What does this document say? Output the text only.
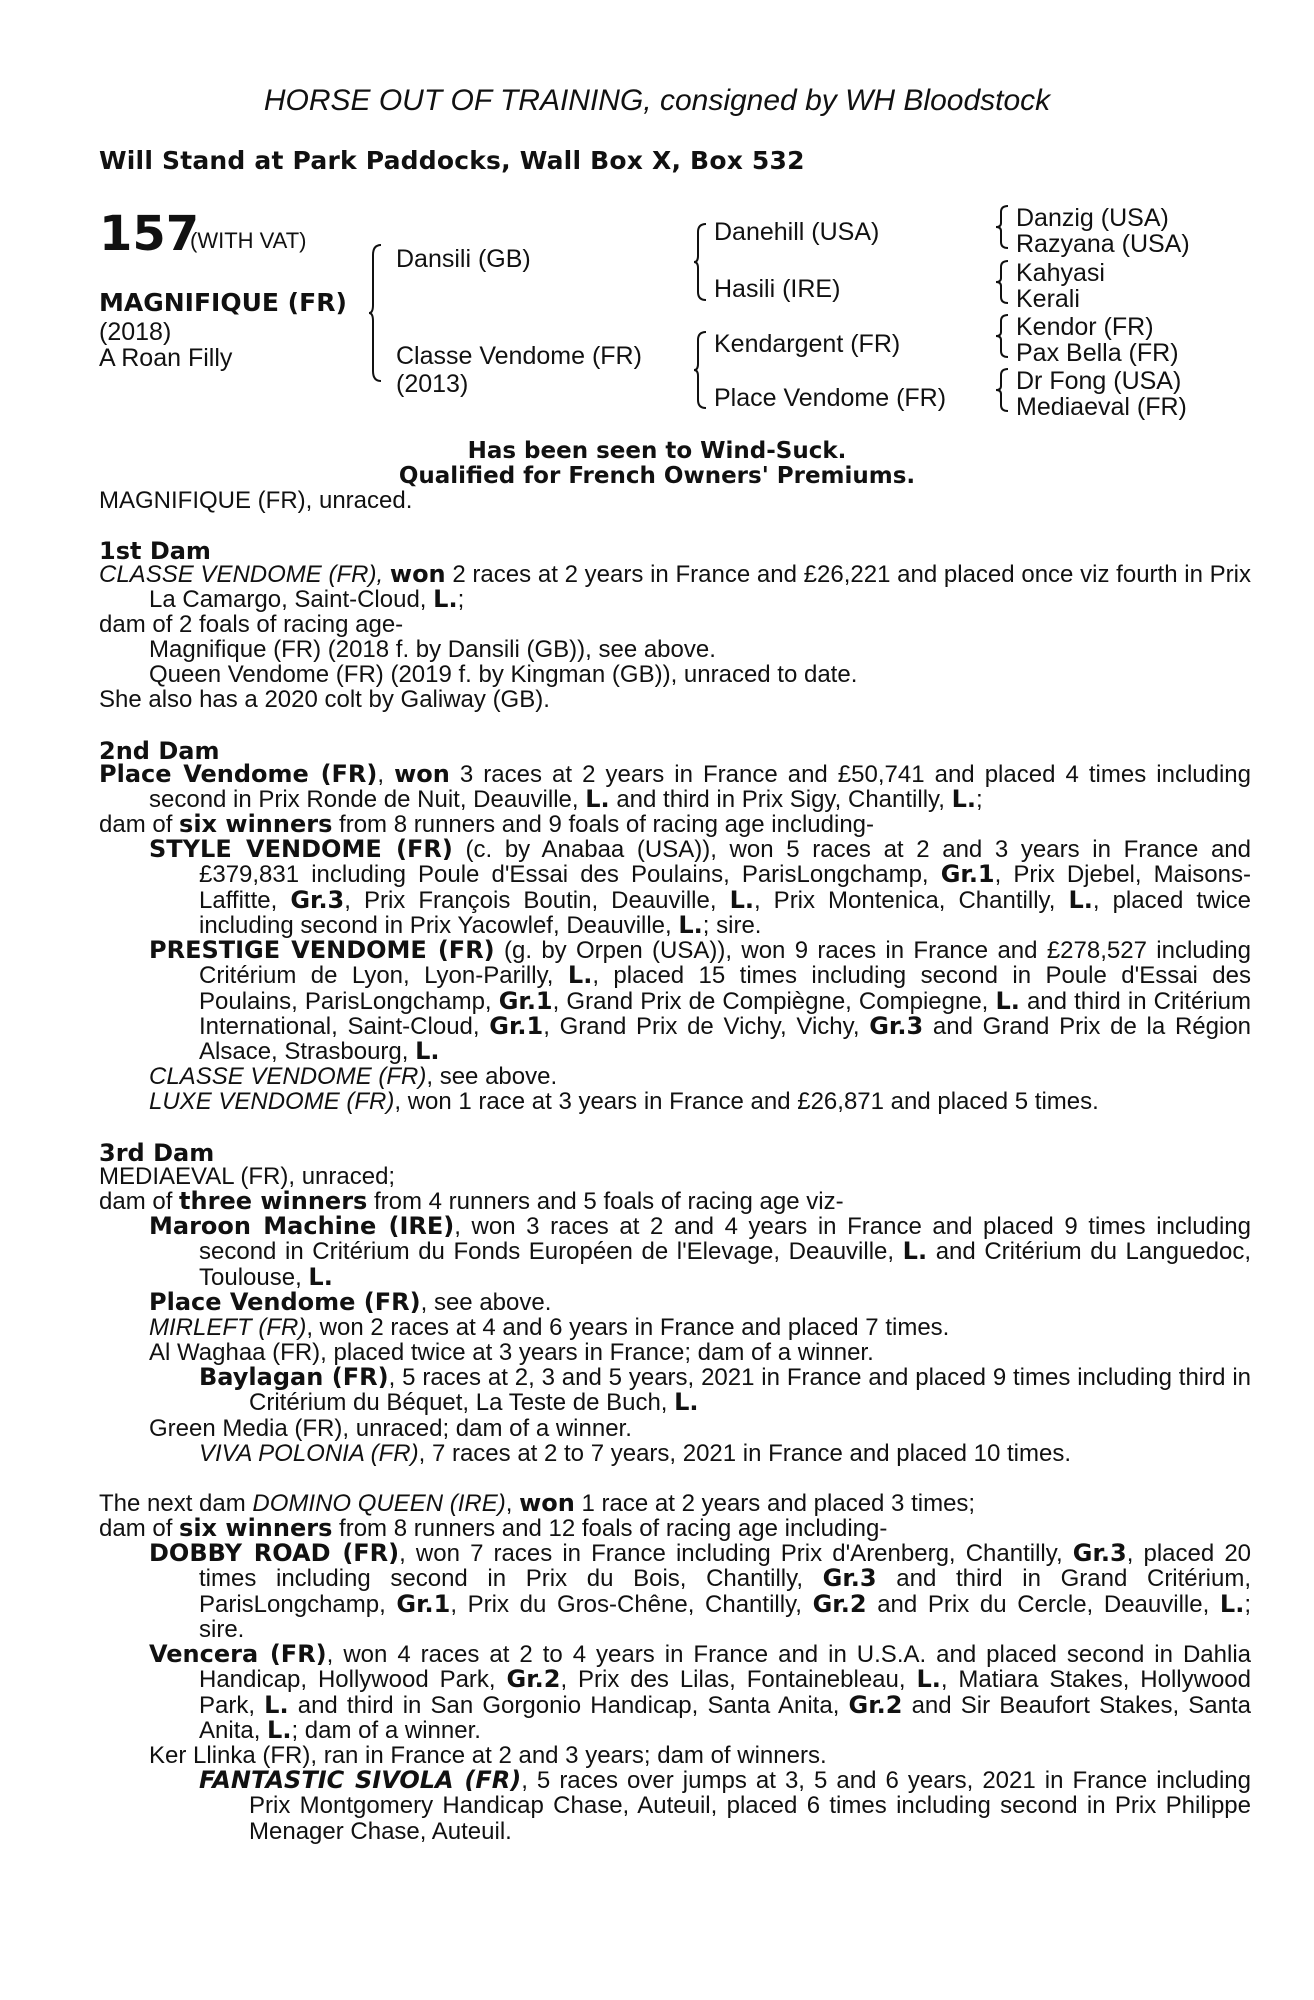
HORSE OUT OF TRAINING, consigned by WH Bloodstock
Will Stand at Park Paddocks, Wall Box X, Box 532
157
(WITH VAT)
MAGNIFIQUE (FR)
(2018)
A Roan Filly
Dansili (GB)
Classe Vendome (FR)
(2013)
Danehill (USA)
Hasili (IRE)
Kendargent (FR)
Place Vendome (FR)
Danzig (USA)
Razyana (USA)
Kahyasi
Kerali
Kendor (FR)
Pax Bella (FR)
Dr Fong (USA)
Mediaeval (FR)
Has been seen to Wind-Suck.
Qualified for French Owners' Premiums.
MAGNIFIQUE (FR), unraced.
1st Dam
CLASSE VENDOME (FR), won 2 races at 2 years in France and £26,221 and placed once viz fourth in Prix La Camargo, Saint-Cloud, L.;
dam of 2 foals of racing age-
Magnifique (FR) (2018 f. by Dansili (GB)), see above.
Queen Vendome (FR) (2019 f. by Kingman (GB)), unraced to date.
She also has a 2020 colt by Galiway (GB).
2nd Dam
Place Vendome (FR), won 3 races at 2 years in France and £50,741 and placed 4 times including second in Prix Ronde de Nuit, Deauville, L. and third in Prix Sigy, Chantilly, L.;
dam of six winners from 8 runners and 9 foals of racing age including-
STYLE VENDOME (FR) (c. by Anabaa (USA)), won 5 races at 2 and 3 years in France and £379,831 including Poule d'Essai des Poulains, ParisLongchamp, Gr.1, Prix Djebel, Maisons-Laffitte, Gr.3, Prix François Boutin, Deauville, L., Prix Montenica, Chantilly, L., placed twice including second in Prix Yacowlef, Deauville, L.; sire.
PRESTIGE VENDOME (FR) (g. by Orpen (USA)), won 9 races in France and £278,527 including Critérium de Lyon, Lyon-Parilly, L., placed 15 times including second in Poule d'Essai des Poulains, ParisLongchamp, Gr.1, Grand Prix de Compiègne, Compiegne, L. and third in Critérium International, Saint-Cloud, Gr.1, Grand Prix de Vichy, Vichy, Gr.3 and Grand Prix de la Région Alsace, Strasbourg, L.
CLASSE VENDOME (FR), see above.
LUXE VENDOME (FR), won 1 race at 3 years in France and £26,871 and placed 5 times.
3rd Dam
MEDIAEVAL (FR), unraced;
dam of three winners from 4 runners and 5 foals of racing age viz-
Maroon Machine (IRE), won 3 races at 2 and 4 years in France and placed 9 times including second in Critérium du Fonds Européen de l'Elevage, Deauville, L. and Critérium du Languedoc, Toulouse, L.
Place Vendome (FR), see above.
MIRLEFT (FR), won 2 races at 4 and 6 years in France and placed 7 times.
Al Waghaa (FR), placed twice at 3 years in France; dam of a winner.
Baylagan (FR), 5 races at 2, 3 and 5 years, 2021 in France and placed 9 times including third in Critérium du Béquet, La Teste de Buch, L.
Green Media (FR), unraced; dam of a winner.
VIVA POLONIA (FR), 7 races at 2 to 7 years, 2021 in France and placed 10 times.
The next dam DOMINO QUEEN (IRE), won 1 race at 2 years and placed 3 times;
dam of six winners from 8 runners and 12 foals of racing age including-
DOBBY ROAD (FR), won 7 races in France including Prix d'Arenberg, Chantilly, Gr.3, placed 20 times including second in Prix du Bois, Chantilly, Gr.3 and third in Grand Critérium, ParisLongchamp, Gr.1, Prix du Gros-Chêne, Chantilly, Gr.2 and Prix du Cercle, Deauville, L.; sire.
Vencera (FR), won 4 races at 2 to 4 years in France and in U.S.A. and placed second in Dahlia Handicap, Hollywood Park, Gr.2, Prix des Lilas, Fontainebleau, L., Matiara Stakes, Hollywood Park, L. and third in San Gorgonio Handicap, Santa Anita, Gr.2 and Sir Beaufort Stakes, Santa Anita, L.; dam of a winner.
Ker Llinka (FR), ran in France at 2 and 3 years; dam of winners.
FANTASTIC SIVOLA (FR), 5 races over jumps at 3, 5 and 6 years, 2021 in France including Prix Montgomery Handicap Chase, Auteuil, placed 6 times including second in Prix Philippe Menager Chase, Auteuil.
